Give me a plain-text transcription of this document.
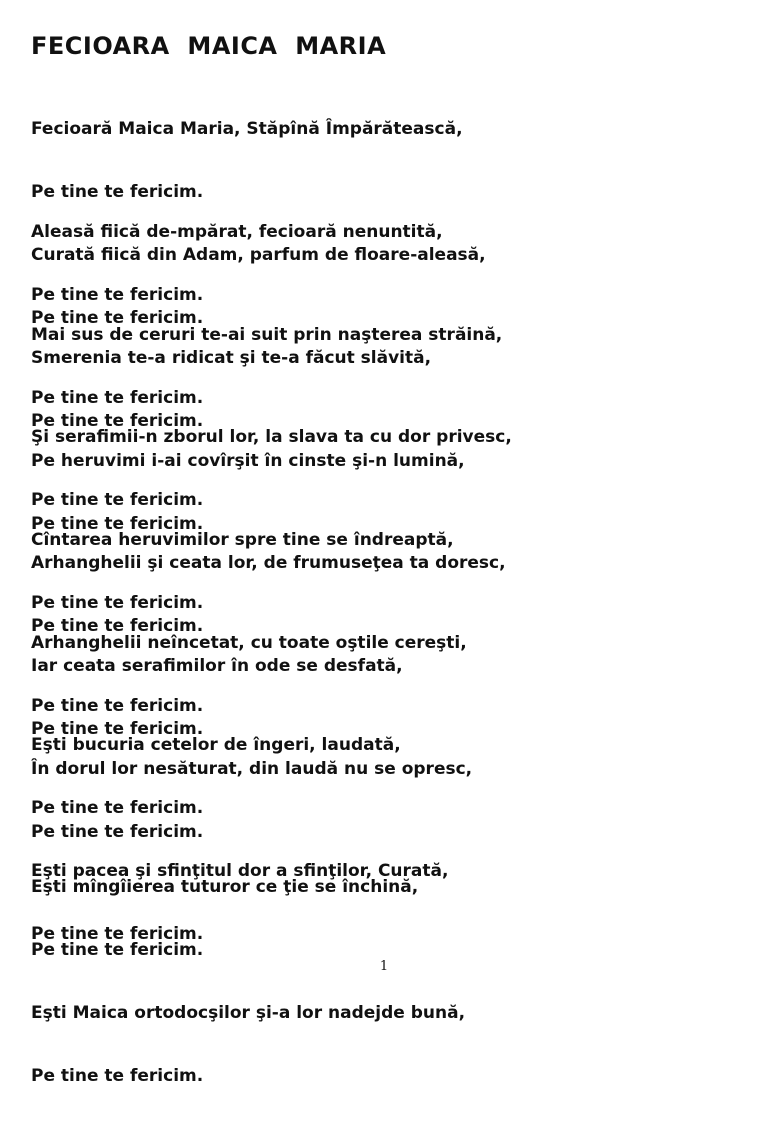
FECIOARA  MAICA  MARIA

Fecioară Maica Maria, Stăpînă Împărătească,

Pe tine te fericim.

Curată fiică din Adam, parfum de floare-aleasă,

Pe tine te fericim.

Aleasă fiică de-mpărat, fecioară nenuntită,

Pe tine te fericim.

Smerenia te-a ridicat şi te-a făcut slăvită,

Pe tine te fericim.

Mai sus de ceruri te-ai suit prin naşterea străină,

Pe tine te fericim.

Pe heruvimi i-ai covîrşit în cinste şi-n lumină,

Pe tine te fericim.

Şi serafimii-n zborul lor, la slava ta cu dor privesc,

Pe tine te fericim.

Arhanghelii şi ceata lor, de frumuseţea ta doresc,

Pe tine te fericim.

Cîntarea heruvimilor spre tine se îndreaptă,

Pe tine te fericim.

Iar ceata serafimilor în ode se desfată,

Pe tine te fericim.

Arhanghelii neîncetat, cu toate oştile cereşti,

Pe tine te fericim.

În dorul lor nesăturat, din laudă nu se opresc,

Pe tine te fericim.

Eşti bucuria cetelor de îngeri, laudată,

Pe tine te fericim.

Eşti pacea şi sfinţitul dor a sfinţilor, Curată,

Pe tine te fericim.

Eşti mîngîierea tuturor ce ţie se închină,

Pe tine te fericim.

Eşti Maica ortodocşilor şi-a lor nadejde bună,

Pe tine te fericim.

1
